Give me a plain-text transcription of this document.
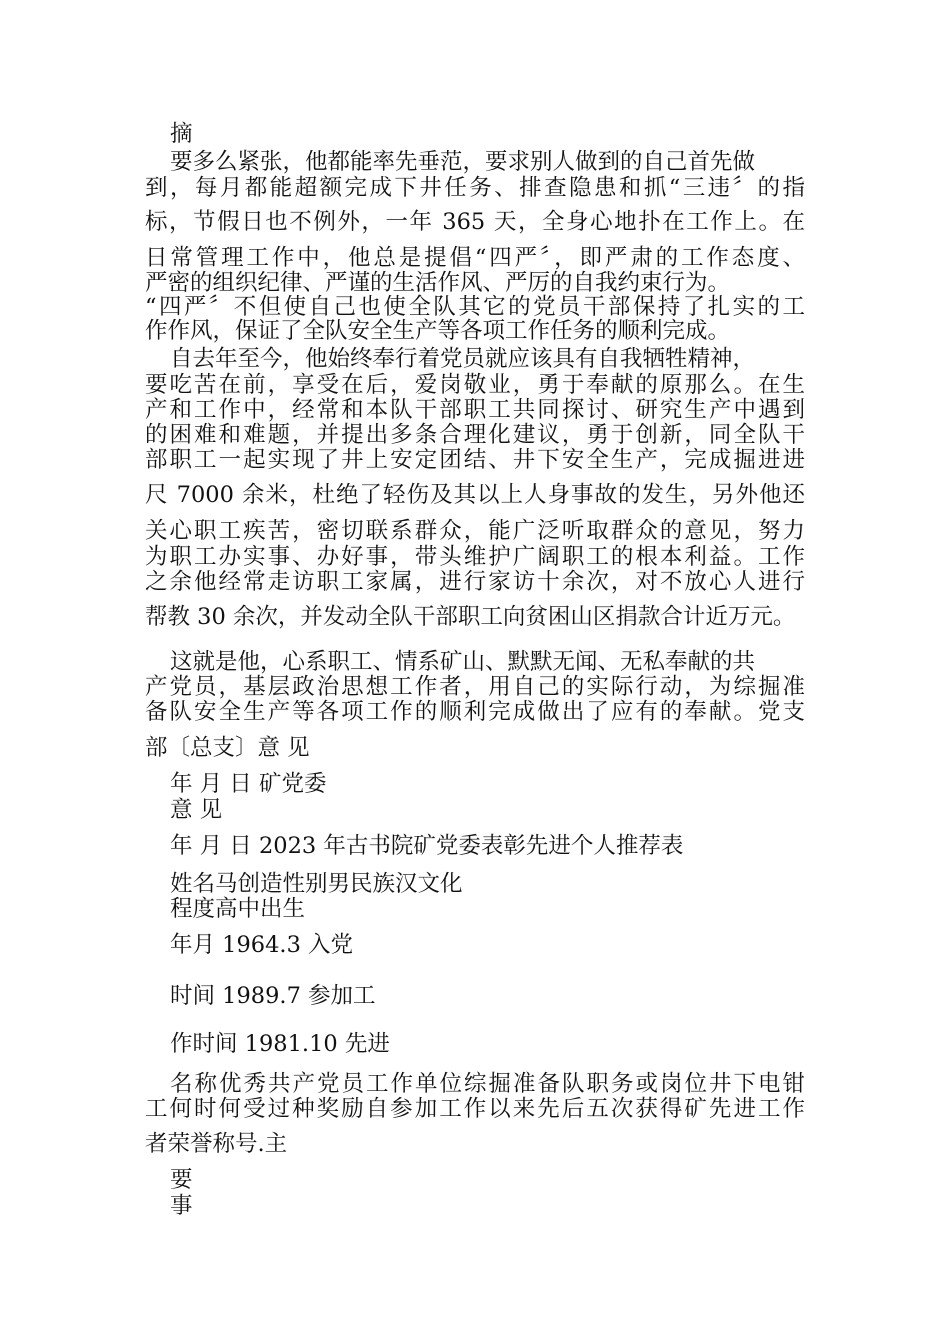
摘
要多么紧张，他都能率先垂范，要求别人做到的自己首先做
到，每月都能超额完成下井任务、排查隐患和抓“三违〞的指
标，节假日也不例外，一年 365 天，全身心地扑在工作上。在
日常管理工作中，他总是提倡“四严〞，即严肃的工作态度、
严密的组织纪律、严谨的生活作风、严厉的自我约束行为。
“四严〞不但使自己也使全队其它的党员干部保持了扎实的工
作作风，保证了全队安全生产等各项工作任务的顺利完成。
自去年至今，他始终奉行着党员就应该具有自我牺牲精神，
要吃苦在前，享受在后，爱岗敬业，勇于奉献的原那么。在生
产和工作中，经常和本队干部职工共同探讨、研究生产中遇到
的困难和难题，并提出多条合理化建议，勇于创新，同全队干
部职工一起实现了井上安定团结、井下安全生产，完成掘进进
尺 7000 余米，杜绝了轻伤及其以上人身事故的发生，另外他还
关心职工疾苦，密切联系群众，能广泛听取群众的意见，努力
为职工办实事、办好事，带头维护广阔职工的根本利益。工作
之余他经常走访职工家属，进行家访十余次，对不放心人进行
帮教 30 余次，并发动全队干部职工向贫困山区捐款合计近万元。
这就是他，心系职工、情系矿山、默默无闻、无私奉献的共
产党员，基层政治思想工作者，用自己的实际行动，为综掘准
备队安全生产等各项工作的顺利完成做出了应有的奉献。党支
部〔总支〕意 见
年 月 日 矿党委
意 见
年 月 日 2023 年古书院矿党委表彰先进个人推荐表
姓名马创造性别男民族汉文化
程度高中出生
年月 1964.3 入党
时间 1989.7 参加工
作时间 1981.10 先进
名称优秀共产党员工作单位综掘准备队职务或岗位井下电钳
工何时何受过种奖励自参加工作以来先后五次获得矿先进工作
者荣誉称号.主
要
事
